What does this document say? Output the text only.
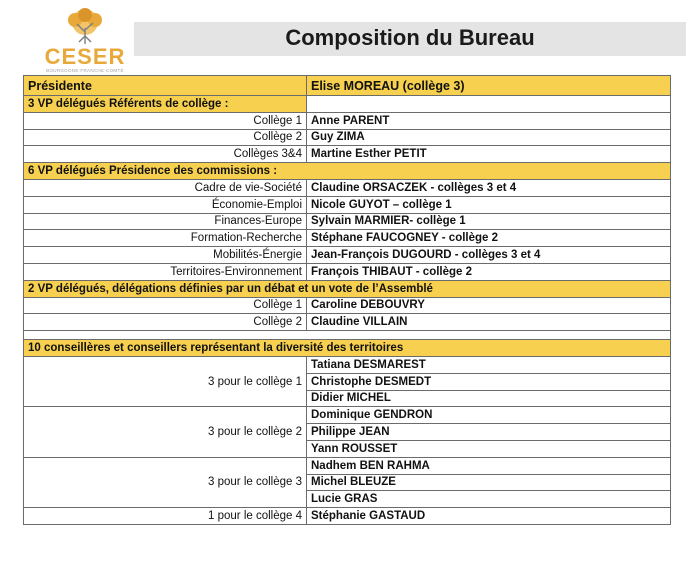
CESER
BOURGOGNE-FRANCHE-COMTÉ
Composition du Bureau
Présidente	Elise MOREAU (collège 3)
3 VP délégués Référents de collège :	
Collège 1	Anne PARENT
Collège 2	Guy ZIMA
Collèges 3&4	Martine Esther PETIT
6 VP délégués Présidence des commissions :	
Cadre de vie-Société	Claudine ORSACZEK - collèges 3 et 4
Économie-Emploi	Nicole GUYOT – collège 1
Finances-Europe	Sylvain MARMIER- collège 1
Formation-Recherche	Stéphane FAUCOGNEY - collège 2
Mobilités-Énergie	Jean-François DUGOURD - collèges 3 et 4
Territoires-Environnement	François THIBAUT - collège 2
2 VP délégués, délégations définies par un débat et un vote de l’Assemblé	
Collège 1	Caroline DEBOUVRY
Collège 2	Claudine VILLAIN

10 conseillères et conseillers représentant la diversité des territoires	
3 pour le collège 1	Tatiana DESMAREST
	Christophe DESMEDT
	Didier MICHEL
3 pour le collège 2	Dominique GENDRON
	Philippe JEAN
	Yann ROUSSET
3 pour le collège 3	Nadhem BEN RAHMA
	Michel BLEUZE
	Lucie GRAS
1 pour le collège 4	Stéphanie GASTAUD
